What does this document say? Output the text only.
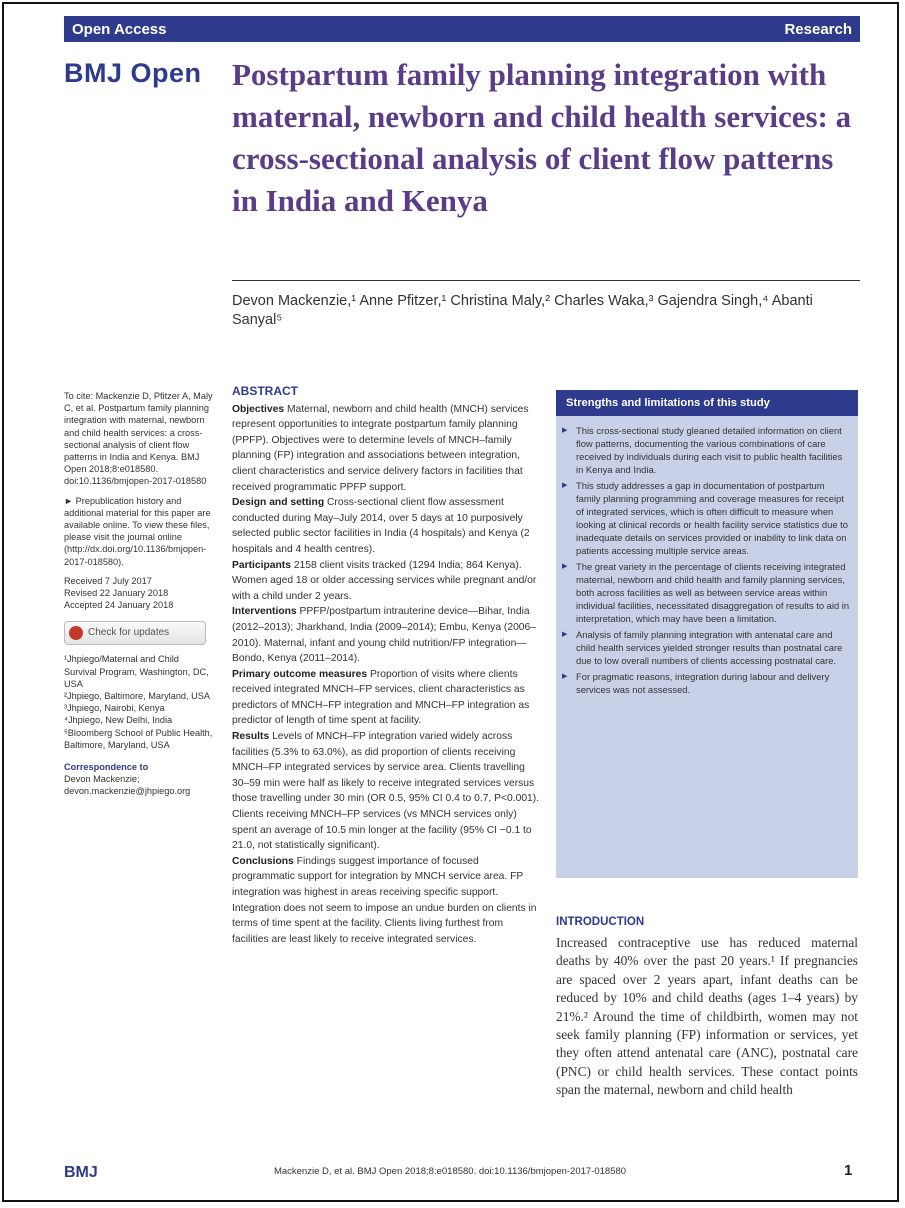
Open Access	Research
BMJ Open Postpartum family planning integration with maternal, newborn and child health services: a cross-sectional analysis of client flow patterns in India and Kenya
Devon Mackenzie,¹ Anne Pfitzer,¹ Christina Maly,² Charles Waka,³ Gajendra Singh,⁴ Abanti Sanyal⁵

To cite: Mackenzie D, Pfitzer A, Maly C, et al. Postpartum family planning integration with maternal, newborn and child health services: a cross-sectional analysis of client flow patterns in India and Kenya. BMJ Open 2018;8:e018580. doi:10.1136/bmjopen-2017-018580

► Prepublication history and additional material for this paper are available online. To view these files, please visit the journal online (http://dx.doi.org/10.1136/bmjopen-2017-018580).

Received 7 July 2017
Revised 22 January 2018
Accepted 24 January 2018

Check for updates

¹Jhpiego/Maternal and Child Survival Program, Washington, DC, USA
²Jhpiego, Baltimore, Maryland, USA
³Jhpiego, Nairobi, Kenya
⁴Jhpiego, New Delhi, India
⁵Bloomberg School of Public Health, Baltimore, Maryland, USA

Correspondence to
Devon Mackenzie; devon.mackenzie@jhpiego.org

ABSTRACT

Objectives Maternal, newborn and child health (MNCH) services represent opportunities to integrate postpartum family planning (PPFP). Objectives were to determine levels of MNCH–family planning (FP) integration and associations between integration, client characteristics and service delivery factors in facilities that received programmatic PPFP support.

Design and setting Cross-sectional client flow assessment conducted during May–July 2014, over 5 days at 10 purposively selected public sector facilities in India (4 hospitals) and Kenya (2 hospitals and 4 health centres).

Participants 2158 client visits tracked (1294 India; 864 Kenya). Women aged 18 or older accessing services while pregnant and/or with a child under 2 years.

Interventions PPFP/postpartum intrauterine device—Bihar, India (2012–2013); Jharkhand, India (2009–2014); Embu, Kenya (2006–2010). Maternal, infant and young child nutrition/FP integration—Bondo, Kenya (2011–2014).

Primary outcome measures Proportion of visits where clients received integrated MNCH–FP services, client characteristics as predictors of MNCH–FP integration and MNCH–FP integration as predictor of length of time spent at facility.

Results Levels of MNCH–FP integration varied widely across facilities (5.3% to 63.0%), as did proportion of clients receiving MNCH–FP integrated services by service area. Clients travelling 30–59 min were half as likely to receive integrated services versus those travelling under 30 min (OR 0.5, 95% CI 0.4 to 0.7, P<0.001). Clients receiving MNCH–FP services (vs MNCH services only) spent an average of 10.5 min longer at the facility (95% CI −0.1 to 21.0, not statistically significant).

Conclusions Findings suggest importance of focused programmatic support for integration by MNCH service area. FP integration was highest in areas receiving specific support. Integration does not seem to impose an undue burden on clients in terms of time spent at the facility. Clients living furthest from facilities are least likely to receive integrated services.

Strengths and limitations of this study
▶ This cross-sectional study gleaned detailed information on client flow patterns, documenting the various combinations of care received by individuals during each visit to public health facilities in Kenya and India.
▶ This study addresses a gap in documentation of postpartum family planning programming and coverage measures for receipt of integrated services, which is often difficult to measure when looking at clinical records or health facility service statistics due to inadequate details on services provided or inability to link data on patients accessing multiple service areas.
▶ The great variety in the percentage of clients receiving integrated maternal, newborn and child health and family planning services, both across facilities as well as between service areas within individual facilities, necessitated disaggregation of results to aid in interpretation, which may have been a limitation.
▶ Analysis of family planning integration with antenatal care and child health services yielded stronger results than postnatal care due to low overall numbers of clients accessing postnatal care.
▶ For pragmatic reasons, integration during labour and delivery services was not assessed.
INTRODUCTION

Increased contraceptive use has reduced maternal deaths by 40% over the past 20 years.¹ If pregnancies are spaced over 2 years apart, infant deaths can be reduced by 10% and child deaths (ages 1–4 years) by 21%.² Around the time of childbirth, women may not seek family planning (FP) information or services, yet they often attend antenatal care (ANC), postnatal care (PNC) or child health services. These contact points span the maternal, newborn and child health

BMJ	Mackenzie D, et al. BMJ Open 2018;8:e018580. doi:10.1136/bmjopen-2017-018580	1
